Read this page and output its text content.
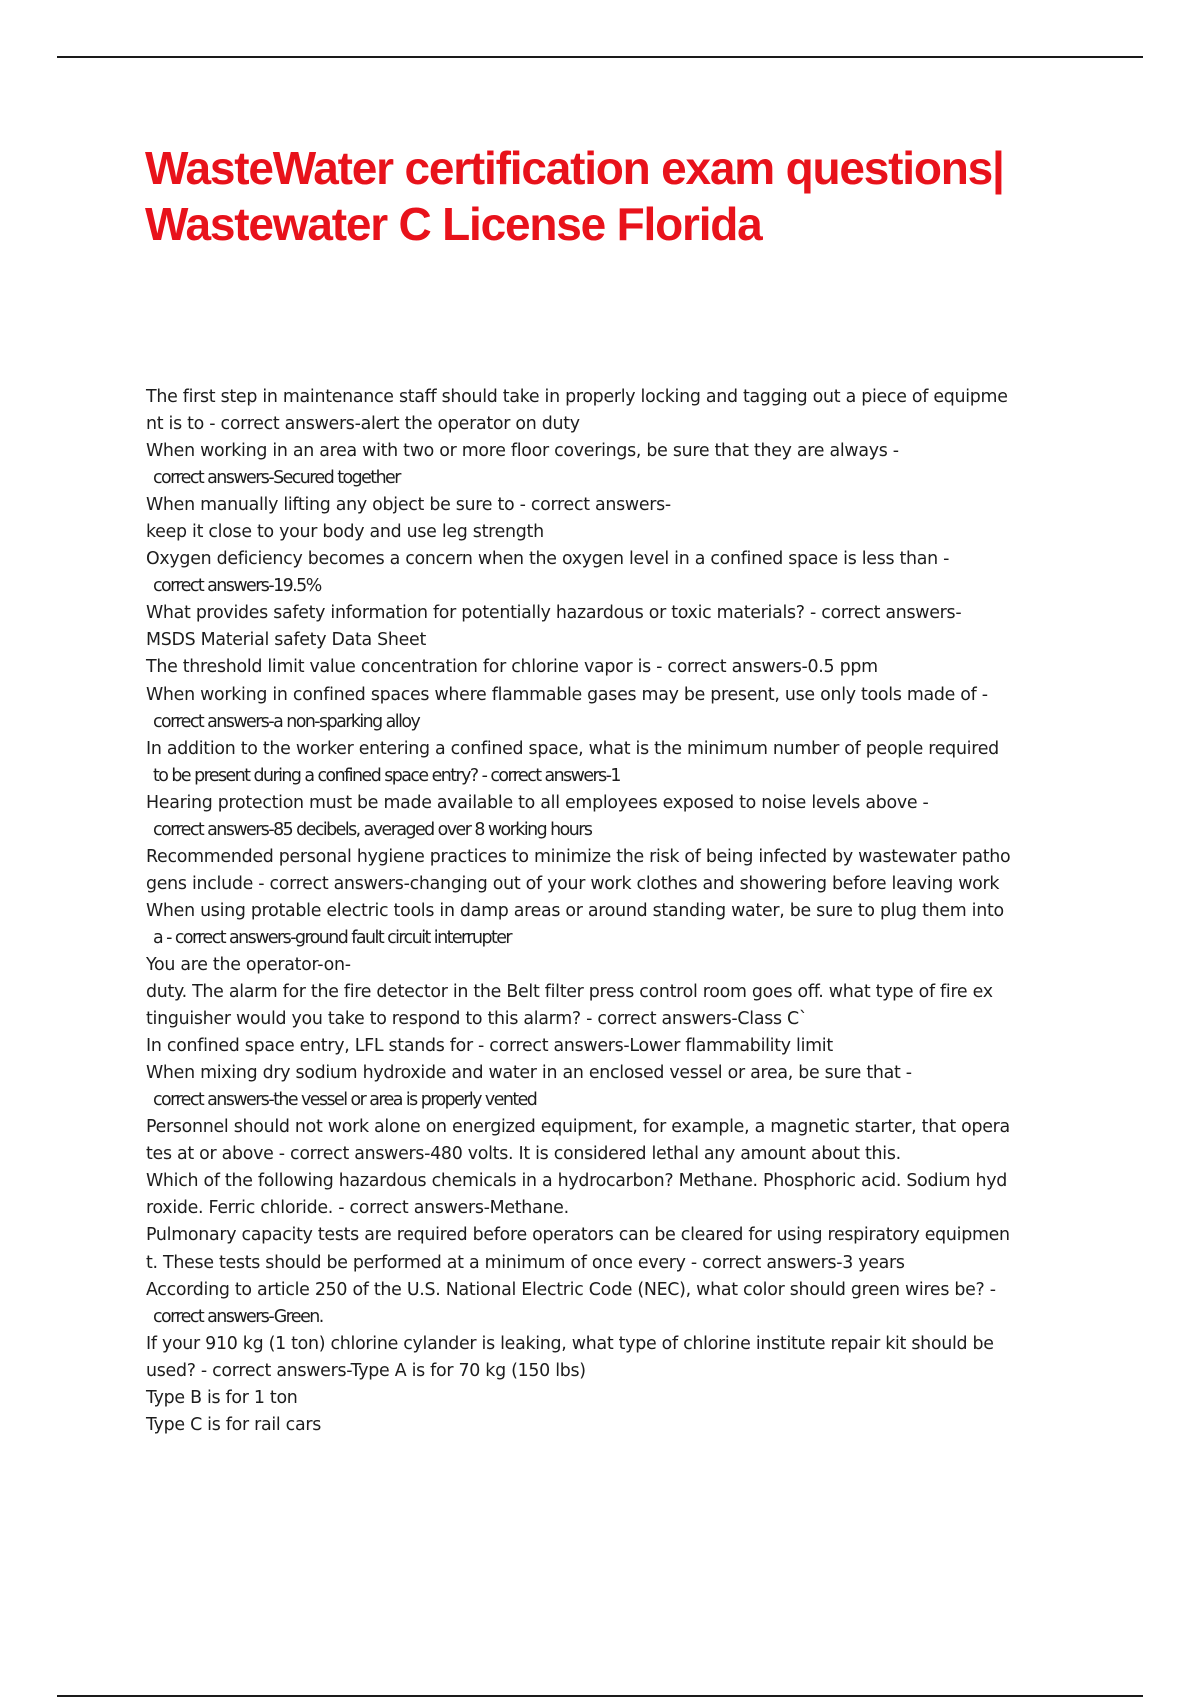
WasteWater certification exam questions|
Wastewater C License Florida
The first step in maintenance staff should take in properly locking and tagging out a piece of equipme
nt is to - correct answers-alert the operator on duty
When working in an area with two or more floor coverings, be sure that they are always -
correct answers-Secured together
When manually lifting any object be sure to - correct answers-
keep it close to your body and use leg strength
Oxygen deficiency becomes a concern when the oxygen level in a confined space is less than -
correct answers-19.5%
What provides safety information for potentially hazardous or toxic materials? - correct answers-
MSDS Material safety Data Sheet
The threshold limit value concentration for chlorine vapor is - correct answers-0.5 ppm
When working in confined spaces where flammable gases may be present, use only tools made of -
correct answers-a non-sparking alloy
In addition to the worker entering a confined space, what is the minimum number of people required
to be present during a confined space entry? - correct answers-1
Hearing protection must be made available to all employees exposed to noise levels above -
correct answers-85 decibels, averaged over 8 working hours
Recommended personal hygiene practices to minimize the risk of being infected by wastewater patho
gens include - correct answers-changing out of your work clothes and showering before leaving work
When using protable electric tools in damp areas or around standing water, be sure to plug them into
a - correct answers-ground fault circuit interrupter
You are the operator-on-
duty. The alarm for the fire detector in the Belt filter press control room goes off. what type of fire ex
tinguisher would you take to respond to this alarm? - correct answers-Class C`
In confined space entry, LFL stands for - correct answers-Lower flammability limit
When mixing dry sodium hydroxide and water in an enclosed vessel or area, be sure that -
correct answers-the vessel or area is properly vented
Personnel should not work alone on energized equipment, for example, a magnetic starter, that opera
tes at or above - correct answers-480 volts. It is considered lethal any amount about this.
Which of the following hazardous chemicals in a hydrocarbon? Methane. Phosphoric acid. Sodium hyd
roxide. Ferric chloride. - correct answers-Methane.
Pulmonary capacity tests are required before operators can be cleared for using respiratory equipmen
t. These tests should be performed at a minimum of once every - correct answers-3 years
According to article 250 of the U.S. National Electric Code (NEC), what color should green wires be? -
correct answers-Green.
If your 910 kg (1 ton) chlorine cylander is leaking, what type of chlorine institute repair kit should be
used? - correct answers-Type A is for 70 kg (150 lbs)
Type B is for 1 ton
Type C is for rail cars
